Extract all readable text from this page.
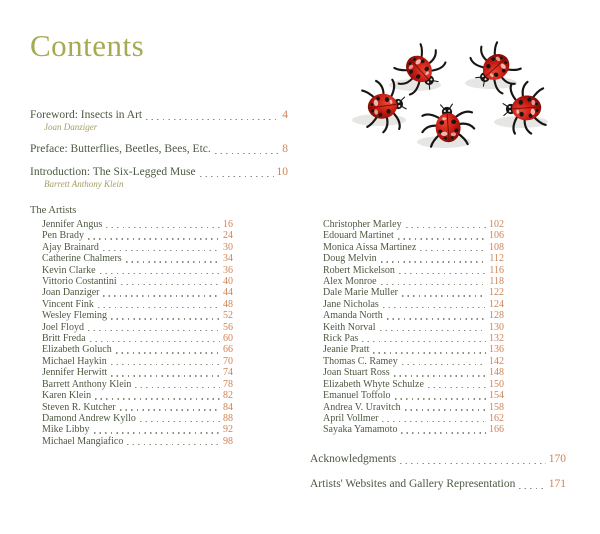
Contents
Foreword: Insects in Art	4
Joan Danziger
Preface: Butterflies, Beetles, Bees, Etc.	8
Introduction: The Six-Legged Muse	10
Barrett Anthony Klein
The Artists
Jennifer Angus	16
Pen Brady	24
Ajay Brainard	30
Catherine Chalmers	34
Kevin Clarke	36
Vittorio Costantini	40
Joan Danziger	44
Vincent Fink	48
Wesley Fleming	52
Joel Floyd	56
Britt Freda	60
Elizabeth Goluch	66
Michael Haykin	70
Jennifer Herwitt	74
Barrett Anthony Klein	78
Karen Klein	82
Steven R. Kutcher	84
Damond Andrew Kyllo	88
Mike Libby	92
Michael Mangiafico	98
Christopher Marley	102
Edouard Martinet	106
Monica Aissa Martinez	108
Doug Melvin	112
Robert Mickelson	116
Alex Monroe	118
Dale Marie Muller	122
Jane Nicholas	124
Amanda North	128
Keith Norval	130
Rick Pas	132
Jeanie Pratt	136
Thomas C. Ramey	142
Joan Stuart Ross	148
Elizabeth Whyte Schulze	150
Emanuel Toffolo	154
Andrea V. Uravitch	158
April Vollmer	162
Sayaka Yamamoto	166
Acknowledgments	170
Artists' Websites and Gallery Representation	171
